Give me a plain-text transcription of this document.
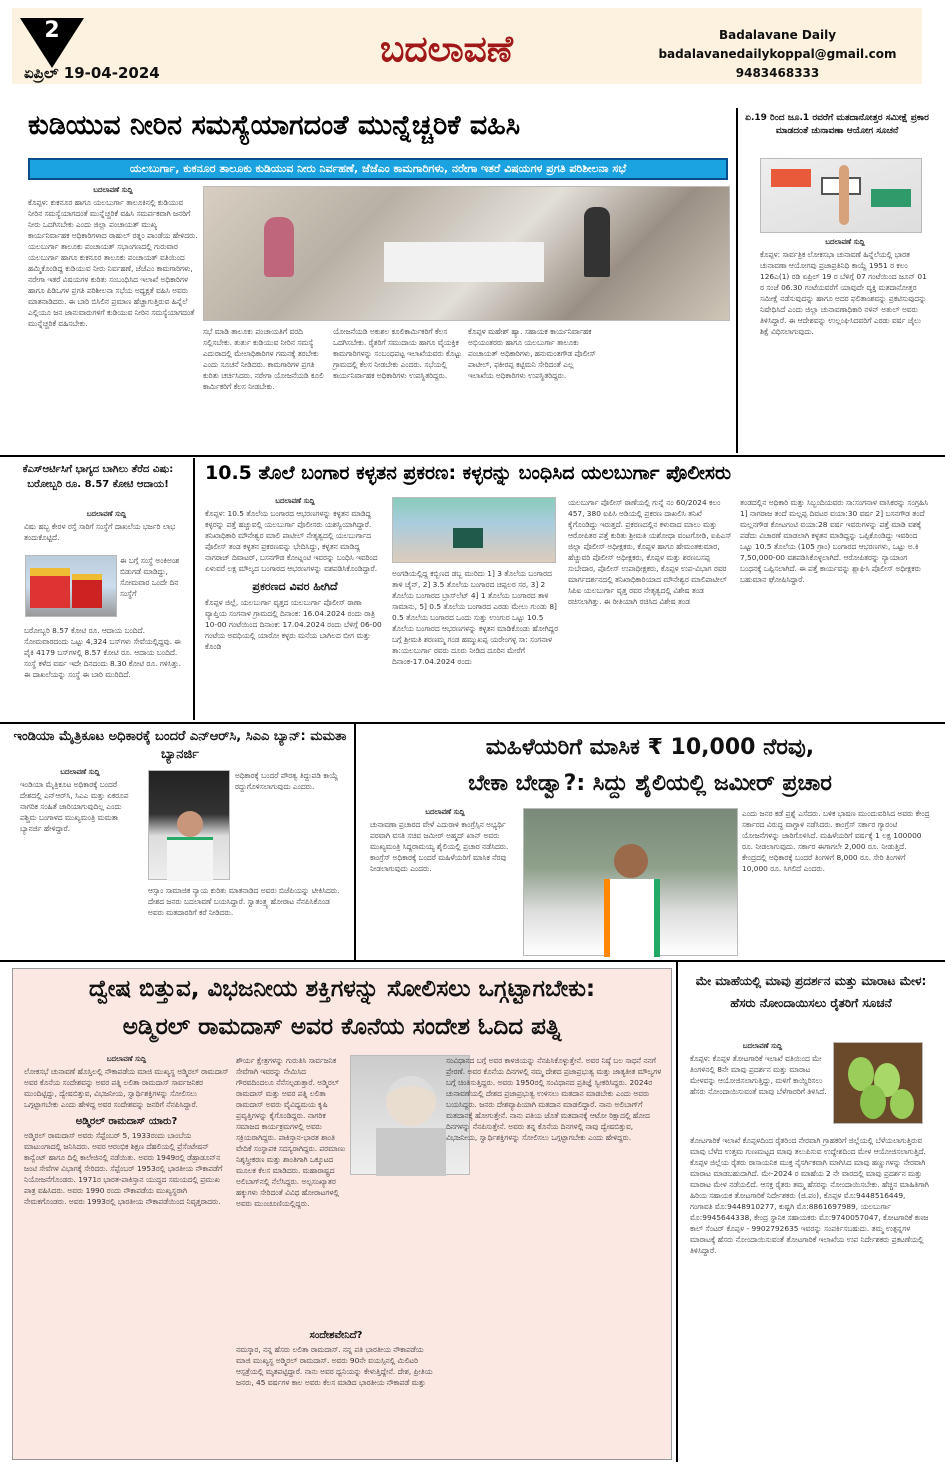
2
ಏಪ್ರಿಲ್ 19-04-2024
ಬದಲಾವಣೆ	Badalavane Daily
badalavanedailykoppal@gmail.com
9483468333
ಕುಡಿಯುವ ನೀರಿನ ಸಮಸ್ಯೆಯಾಗದಂತೆ ಮುನ್ನೆಚ್ಚರಿಕೆ ವಹಿಸಿ
ಯಲಬುರ್ಗಾ, ಕುಕನೂರ ತಾಲೂಕು ಕುಡಿಯುವ ನೀರು ನಿರ್ವಹಣೆ, ಜೆಜೆಎಂ ಕಾಮಗಾರಿಗಳು, ನರೇಗಾ ಇತರೆ ವಿಷಯಗಳ ಪ್ರಗತಿ ಪರಿಶೀಲನಾ ಸಭೆ
ಬದಲಾವಣೆ ಸುದ್ದಿ
ಕೊಪ್ಪಳ: ಕುಕನೂರ ಹಾಗೂ ಯಲಬುರ್ಗಾ ತಾಲೂಕಿನಲ್ಲಿ ಕುಡಿಯುವ ನೀರಿನ ಸಮಸ್ಯೆಯಾಗದಂತೆ ಮುನ್ನೆಚ್ಚರಿಕೆ ವಹಿಸಿ ಸಮರ್ಪಕವಾಗಿ ಜನರಿಗೆ ನೀರು ಒದಗಿಸಬೇಕು ಎಂದು ಜಿಲ್ಲಾ ಪಂಚಾಯತ್ ಮುಖ್ಯ ಕಾರ್ಯನಿರ್ವಾಹಕ ಅಧಿಕಾರಿಗಳಾದ ರಾಹುಲ್ ರತ್ನಂ ಪಾಂಡೆಯ ಹೇಳಿದರು. ಯಲಬುರ್ಗಾ ತಾಲೂಕು ಪಂಚಾಯತ್ ಸಭಾಂಗಣದಲ್ಲಿ ಗುರುವಾರ ಯಲಬುರ್ಗಾ ಹಾಗೂ ಕುಕನೂರ ತಾಲೂಕು ಪಂಚಾಯತ್ ವತಿಯಿಂದ ಹಮ್ಮಿಕೊಂಡಿದ್ದ ಕುಡಿಯುವ ನೀರು ನಿರ್ವಹಣೆ, ಜೆಜೆಎಂ ಕಾಮಗಾರಿಗಳು, ನರೇಗಾ ಇತರೆ ವಿಷಯಗಳ ಕುರಿತು ಸಂಬಂಧಿಸಿದ ಇಲಾಖೆ ಅಧಿಕಾರಿಗಳ ಹಾಗೂ ಪಿಡಿಒಗಳ ಪ್ರಗತಿ ಪರಿಶೀಲನಾ ಸಭೆಯ ಅಧ್ಯಕ್ಷತೆ ವಹಿಸಿ ಅವರು ಮಾತನಾಡಿದರು. ಈ ಬಾರಿ ಬಿಸಿಲಿನ ಪ್ರಮಾಣ ಹೆಚ್ಚಾಗುತ್ತಿರುವ ಹಿನ್ನೆಲೆ ಎಲ್ಲಿಯೂ ಜನ ಜಾನುವಾರುಗಳಿಗೆ ಕುಡಿಯುವ ನೀರಿನ ಸಮಸ್ಯೆಯಾಗದಂತೆ ಮುನ್ನೆಚ್ಚರಿಕೆ ವಹಿಸಬೇಕು.
ಸಭೆ ಮಾಡಿ ತಾಲೂಕು ಪಂಚಾಯತಿಗೆ ವರದಿ ಸಲ್ಲಿಸಬೇಕು. ತುರ್ತು ಕುಡಿಯುವ ನೀರಿನ ಸಮಸ್ಯೆ ಎದುರಾದಲ್ಲಿ ಮೇಲಾಧಿಕಾರಿಗಳ ಗಮನಕ್ಕೆ ತರಬೇಕು ಎಂದು ಸೂಚನೆ ನೀಡಿದರು. ಕಾಮಗಾರಿಗಳ ಪ್ರಗತಿ ಕುರಿತು ಚರ್ಚಿಸಿದರು. ನರೇಗಾ ಯೋಜನೆಯಡಿ ಕೂಲಿ ಕಾರ್ಮಿಕರಿಗೆ ಕೆಲಸ ನೀಡಬೇಕು.
ಯೋಜನೆಯಡಿ ಅಕುಶಲ ಕೂಲಿಕಾರ್ಮಿಕರಿಗೆ ಕೆಲಸ ಒದಗಿಸಬೇಕು. ರೈತರಿಗೆ ಸಮುದಾಯ ಹಾಗೂ ವೈಯಕ್ತಿಕ ಕಾಮಗಾರಿಗಳನ್ನು ಸಂಬಂಧಪಟ್ಟ ಇಲಾಖೆಯವರು ಕೊಟ್ಟು ಗ್ರಾಮದಲ್ಲಿ ಕೆಲಸ ನೀಡಬೇಕು ಎಂದರು. ಸಭೆಯಲ್ಲಿ ಕಾರ್ಯನಿರ್ವಾಹಕ ಅಧಿಕಾರಿಗಳು ಉಪಸ್ಥಿತರಿದ್ದರು.
ಕೊಪ್ಪಳ ಮಹೇಶ್ ಹ್ಯಾ. ಸಹಾಯಕ ಕಾರ್ಯನಿರ್ವಾಹಕ ಅಭಿಯಂತರರು ಹಾಗೂ ಯಲಬುರ್ಗಾ ತಾಲೂಕು ಪಂಚಾಯತ್ ಅಧಿಕಾರಿಗಳು, ಹನುಮಂತಗೌಡ ಪೊಲೀಸ್ ಪಾಟೀಲ್, ಫಕೀರಪ್ಪ ಕಟ್ಟಿಮನಿ ಸೇರಿದಂತೆ ಎಲ್ಲ ಇಲಾಖೆಯ ಅಧಿಕಾರಿಗಳು ಉಪಸ್ಥಿತರಿದ್ದರು.
ಏ.19 ರಿಂದ ಜೂ.1 ರವರೆಗೆ ಮತದಾನೋತ್ತರ ಸಮೀಕ್ಷೆ ಪ್ರಕಾರ ಮಾಡದಂತೆ ಚುನಾವಣಾ ಆಯೋಗ ಸೂಚನೆ
ಬದಲಾವಣೆ ಸುದ್ದಿ
ಕೊಪ್ಪಳ: ಸಾರ್ವತ್ರಿಕ ಲೋಕಸಭಾ ಚುನಾವಣೆ ಹಿನ್ನೆಲೆಯಲ್ಲಿ ಭಾರತ ಚುನಾವಣಾ ಆಯೋಗವು ಪ್ರಜಾಪ್ರತಿನಿಧಿ ಕಾಯ್ದೆ 1951 ರ ಕಲಂ 126ಎ(1) ರಡಿ ಏಪ್ರಿಲ್ 19 ರ ಬೆಳಿಗ್ಗೆ 07 ಗಂಟೆಯಿಂದ ಜೂನ್ 01 ರ ಸಂಜೆ 06.30 ಗಂಟೆಯವರೆಗೆ ಯಾವುದೇ ವ್ಯಕ್ತಿ ಮತದಾನೋತ್ತರ ಸಮೀಕ್ಷೆ ನಡೆಸುವುದನ್ನು ಹಾಗೂ ಅದರ ಫಲಿತಾಂಶವನ್ನು ಪ್ರಕಟಿಸುವುದನ್ನು ನಿಷೇಧಿಸಿದೆ ಎಂದು ಜಿಲ್ಲಾ ಚುನಾವಣಾಧಿಕಾರಿ ನಳಿನ್ ಅತುಲ್ ಅವರು ತಿಳಿಸಿದ್ದಾರೆ. ಈ ಆದೇಶವನ್ನು ಉಲ್ಲಂಘಿಸಿದವರಿಗೆ ಎರಡು ವರ್ಷ ಜೈಲು ಶಿಕ್ಷೆ ವಿಧಿಸಲಾಗುವುದು.
ಕೆಎಸ್ಆರ್ಟಿಸಿಗೆ ಭಾಗ್ಯದ ಬಾಗಿಲು ತೆರೆದ ವಿಷು: ಬರೋಬ್ಬರಿ ರೂ. 8.57 ಕೋಟಿ ಆದಾಯ!
ಬದಲಾವಣೆ ಸುದ್ದಿ
ವಿಷು ಹಬ್ಬ ಕೇರಳ ರಸ್ತೆ ಸಾರಿಗೆ ಸಂಸ್ಥೆಗೆ ದಾಖಲೆಯ ಭರ್ಜರಿ ಲಾಭ ತಂದುಕೊಟ್ಟಿದೆ.
ಈ ಬಗ್ಗೆ ಸಂಸ್ಥೆ ಅಂಕಿಅಂಶ ಬಿಡುಗಡೆ ಮಾಡಿದ್ದು, ಸೋಮವಾರ ಒಂದೇ ದಿನ ಸಂಸ್ಥೆಗೆ
ಬರೋಬ್ಬರಿ 8.57 ಕೋಟಿ ರೂ. ಆದಾಯ ಬಂದಿದೆ. ಸೋಮವಾರದಂದು ಒಟ್ಟು 4,324 ಬಸ್‌ಗಳು ಸೇವೆಯಲ್ಲಿದ್ದವು. ಈ ಪೈಕಿ 4179 ಬಸ್‌ಗಳಲ್ಲಿ 8.57 ಕೋಟಿ ರೂ. ಆದಾಯ ಬಂದಿದೆ. ಸಂಸ್ಥೆ ಕಳೆದ ವರ್ಷ ಇದೇ ದಿನದಂದು 8.30 ಕೋಟಿ ರೂ. ಗಳಿಸಿತ್ತು. ಈ ದಾಖಲೆಯನ್ನು ಸಂಸ್ಥೆ ಈ ಬಾರಿ ಮುರಿದಿದೆ.
10.5 ತೊಲೆ ಬಂಗಾರ ಕಳ್ಳತನ ಪ್ರಕರಣ: ಕಳ್ಳರನ್ನು ಬಂಧಿಸಿದ ಯಲಬುರ್ಗಾ ಪೊಲೀಸರು
ಬದಲಾವಣೆ ಸುದ್ದಿ
ಕೊಪ್ಪಳ: 10.5 ತೊಲೆಯ ಬಂಗಾರದ ಆಭರಣಗಳನ್ನು ಕಳ್ಳತನ ಮಾಡಿದ್ದ ಕಳ್ಳರನ್ನು ಪತ್ತೆ ಹಚ್ಚುವಲ್ಲಿ ಯಲಬುರ್ಗಾ ಪೊಲೀಸರು ಯಶಸ್ವಿಯಾಗಿದ್ದಾರೆ. ತನಿಖಾಧಿಕಾರಿ ಮೌನೇಶ್ವರ ಮಾಲಿ ಪಾಟೀಲ್ ನೇತೃತ್ವದಲ್ಲಿ ಯಲಬುರ್ಗಾದ ಪೊಲೀಸ್ ತಂಡ ಕಳ್ಳತನ ಪ್ರಕರಣವನ್ನು ಭೇದಿಸಿದ್ದು, ಕಳ್ಳತನ ಮಾಡಿದ್ದ ನಾಗರಾಜ್ ದಿವಾಟರ್, ಬಸನಗೌಡ ಕೋಟ್ನಂಟಿ ಇವರನ್ನು ಬಂಧಿಸಿ ಇವರಿಂದ ಏಳುವರೆ ಲಕ್ಷ ಮೌಲ್ಯದ ಬಂಗಾರದ ಆಭರಣಗಳನ್ನು ವಶಪಡಿಸಿಕೊಂಡಿದ್ದಾರೆ.
ಪ್ರಕರಣದ ವಿವರ ಹೀಗಿದೆ
ಕೊಪ್ಪಳ ಜಿಲ್ಲೆ, ಯಲಬುರ್ಗಾ ವೃತ್ತದ ಯಲಬುರ್ಗಾ ಪೊಲೀಸ್ ಠಾಣಾ ವ್ಯಾಪ್ತಿಯ ಸಂಗನಾಳ ಗ್ರಾಮದಲ್ಲಿ ದಿನಾಂಕ: 16.04.2024 ರಂದು ರಾತ್ರಿ 10-00 ಗಂಟೆಯಿಂದ ದಿನಾಂಕ: 17.04.2024 ರಂದು ಬೆಳಿಗ್ಗೆ 06-00 ಗಂಟೆಯ ಅವಧಿಯಲ್ಲಿ ಯಾರೋ ಕಳ್ಳರು ಮನೆಯ ಬಾಗಿಲದ ಬೀಗ ಮತ್ತು ಕೊಂಡಿ
ಅಂಗಡಿಯಲ್ಲಿದ್ದ ಕಬ್ಬಿಣದ ಡಬ್ಬ ಮುರಿದು 1] 3 ತೊಲೆಯ ಬಂಗಾರದ ತಾಳಿ ಚೈನ್, 2] 3.5 ತೊಲೆಯ ಬಂಗಾರದ ಚಪ್ಪಲರ ಸರ, 3] 2 ತೊಲೆಯ ಬಂಗಾರದ ಬ್ರಾಸ್‌ಲೆಟ್ 4] 1 ತೊಲೆಯ ಬಂಗಾರದ ತಾಳಿ ಸಾಮಾನು, 5] 0.5 ತೊಲೆಯ ಬಂಗಾರದ ಎರಡು ಮೇಲು ಗುಂಡು 8] 0.5 ತೊಲೆಯ ಬಂಗಾರದ ಒಂದು ಸುತ್ತು ಉಂಗುರ ಒಟ್ಟು 10.5 ತೊಲೆಯ ಬಂಗಾರದ ಆಭರಣಗಳನ್ನು ಕಳ್ಳತನ ಮಾಡಿಕೊಂಡು ಹೋಗಿದ್ದರ ಬಗ್ಗೆ ಶ್ರೀಮತಿ ಶರಣಮ್ಮ ಗಂಡ ಹಮ್ಮುಖಪ್ಪ ಯರೇಂಗಳ್ಳ ಸಾ: ಸಂಗನಾಳ ತಾ:ಯಲಬುರ್ಗಾ ರವರು ದೂರು ನೀಡಿದ ದೂರಿನ ಮೇರೆಗೆ ದಿನಾಂಕ-17.04.2024 ರಂದು
ಯಲಬುರ್ಗಾ ಪೊಲೀಸ್ ಠಾಣೆಯಲ್ಲಿ ಗುನ್ನೆ ನಂ 60/2024 ಕಲಂ 457, 380 ಐಪಿಸಿ ಅಡಿಯಲ್ಲಿ ಪ್ರಕರಣ ದಾಖಲಿಸಿ ತನಿಖೆ ಕೈಗೊಂಡಿದ್ದು ಇರುತ್ತದೆ. ಪ್ರಕರಣದಲ್ಲಿನ ಕಳುವಾದ ಮಾಲು ಮತ್ತು ಆರೋಪಿತರ ಪತ್ತೆ ಕುರಿತು ಶ್ರೀಮತಿ ಯಶೋಧಾ ವಂಟಗೋಡಿ, ಐಪಿಎಸ್ ಜಿಲ್ಲಾ ಪೊಲೀಸ್ ಅಧೀಕ್ಷಕರು, ಕೊಪ್ಪಳ ಹಾಗೂ ಹೇಮಂತಕುಮಾರ, ಹೆಚ್ಚುವರಿ ಪೊಲೀಸ್ ಅಧೀಕ್ಷಕರು, ಕೊಪ್ಪಳ ಮತ್ತು ಶರಣಬಸಪ್ಪ ಸುಬೇದಾರ, ಪೊಲೀಸ್ ಉಪಾಧೀಕ್ಷಕರು, ಕೊಪ್ಪಳ ಉಪ-ವಿಭಾಗ ರವರ ಮಾರ್ಗದರ್ಶನದಲ್ಲಿ ತನಿಖಾಧಿಕಾರಿಯಾದ ಮೌನೇಶ್ವರ ಮಾಲಿಪಾಟೀಲ್ ಸಿಪಿಐ ಯಲಬುರ್ಗಾ ವೃತ್ತ ರವರ ನೇತೃತ್ವದಲ್ಲಿ ವಿಶೇಷ ತಂಡ ರಚಿಸಲಾಗಿತ್ತು. ಈ ರೀತಿಯಾಗಿ ರಚಿಸಿದ ವಿಶೇಷ ತಂಡ
ತಂಡದಲ್ಲಿನ ಅಧಿಕಾರಿ ಮತ್ತು ಸಿಬ್ಬಂದಿಯವರು ಸಾ:ಸಂಗನಾಳ ವಾಸಿಕರನ್ನು ಸಂಗ್ರಹಿಸಿ 1] ನಾಗರಾಜ ತಂದೆ ಮಲ್ಲಪ್ಪ ದಿವಟರ ವಯಾ:30 ವರ್ಷ 2] ಬಸನಗೌಡ ತಂದೆ ಮಲ್ಲನಗೌಡ ಕೋಟಗಂಟಿ ವಯಾ:28 ವರ್ಷ ಇವರುಗಳನ್ನು ಪತ್ತೆ ಮಾಡಿ ವಶಕ್ಕೆ ಪಡೆದು ವಿಚಾರಣೆ ಮಾಡಲಾಗಿ ಕಳ್ಳತನ ಮಾಡಿದ್ದನ್ನು ಒಪ್ಪಿಕೊಂಡಿದ್ದು ಇವರಿಂದ ಒಟ್ಟು 10.5 ತೊಲೆಯ (105 ಗ್ರಾಂ) ಬಂಗಾರದ ಆಭರಣಗಳು, ಒಟ್ಟು ಅ.ಕಿ 7,50,000-00 ವಶಪಡಿಸಿಕೊಳ್ಳಲಾಗಿದೆ. ಆರೋಪಿತರನ್ನು ನ್ಯಾಯಾಂಗ ಬಂಧನಕ್ಕೆ ಒಪ್ಪಿಸಲಾಗಿದೆ. ಈ ಪತ್ತೆ ಕಾರ್ಯವನ್ನು ಶ್ಲಾಘಿಸಿ ಪೊಲೀಸ್ ಅಧೀಕ್ಷಕರು ಬಹುಮಾನ ಘೋಷಿಸಿದ್ದಾರೆ.
ಇಂಡಿಯಾ ಮೈತ್ರಿಕೂಟ ಅಧಿಕಾರಕ್ಕೆ ಬಂದರೆ ಎನ್‌ಆರ್‌ಸಿ, ಸಿಎಎ ಬ್ಯಾನ್: ಮಮತಾ ಬ್ಯಾನರ್ಜಿ
ಬದಲಾವಣೆ ಸುದ್ದಿ
ಇಂಡಿಯಾ ಮೈತ್ರಿಕೂಟ ಅಧಿಕಾರಕ್ಕೆ ಬಂದರೆ ದೇಶದಲ್ಲಿ ಎನ್‌ಆರ್‌ಸಿ, ಸಿಎಎ ಮತ್ತು ಏಕರೂಪ ನಾಗರಿಕ ಸಂಹಿತೆ ಜಾರಿಯಾಗುವುದಿಲ್ಲ ಎಂದು ಪಶ್ಚಿಮ ಬಂಗಾಳದ ಮುಖ್ಯಮಂತ್ರಿ ಮಮತಾ ಬ್ಯಾನರ್ಜಿ ಹೇಳಿದ್ದಾರೆ.
ಅಧಿಕಾರಕ್ಕೆ ಬಂದರೆ ಪೌರತ್ವ ತಿದ್ದುಪಡಿ ಕಾಯ್ದೆ ರದ್ದುಗೊಳಿಸಲಾಗುವುದು ಎಂದರು.
ಆಸ್ಸಾಂ ಸಾಮಾಜಿಕ ನ್ಯಾಯ ಕುರಿತು ಮಾತನಾಡಿದ ಅವರು ಬಿಜೆಪಿಯನ್ನು ಟೀಕಿಸಿದರು. ದೇಶದ ಜನರು ಬದಲಾವಣೆ ಬಯಸಿದ್ದಾರೆ. ಸ್ವಾತಂತ್ರ್ಯ ಹೋರಾಟ ನೆನಪಿಸಿಕೊಂಡ ಅವರು ಮತದಾರರಿಗೆ ಕರೆ ನೀಡಿದರು.
ಮಹಿಳೆಯರಿಗೆ ಮಾಸಿಕ ₹ 10,000 ನೆರವು,
ಬೇಕಾ ಬೇಡ್ವಾ?: ಸಿದ್ದು ಶೈಲಿಯಲ್ಲಿ ಜಮೀರ್ ಪ್ರಚಾರ
ಬದಲಾವಣೆ ಸುದ್ದಿ
ಚುನಾವಣಾ ಪ್ರಚಾರದ ವೇಳೆ ಎದುರಾಳಿ ಕಾಂಗ್ರೆಸ್ಸಿನ ಅಭ್ಯರ್ಥಿ ಪರವಾಗಿ ವಸತಿ ಸಚಿವ ಜಮೀರ್ ಅಹ್ಮದ್ ಖಾನ್ ಅವರು ಮುಖ್ಯಮಂತ್ರಿ ಸಿದ್ದರಾಮಯ್ಯ ಶೈಲಿಯಲ್ಲಿ ಪ್ರಚಾರ ನಡೆಸಿದರು. ಕಾಂಗ್ರೆಸ್ ಅಧಿಕಾರಕ್ಕೆ ಬಂದರೆ ಮಹಿಳೆಯರಿಗೆ ಮಾಸಿಕ ನೆರವು ನೀಡಲಾಗುವುದು ಎಂದರು.
ಎಂದು ಜನರ ಕಡೆ ಪ್ರಶ್ನೆ ಎಸೆದರು. ಬಳಿಕ ಭಾಷಣ ಮುಂದುವರಿಸಿದ ಅವರು ಕೇಂದ್ರ ಸರ್ಕಾರದ ವಿರುದ್ಧ ವಾಗ್ದಾಳಿ ನಡೆಸಿದರು. ಕಾಂಗ್ರೆಸ್ ಸರ್ಕಾರ ಗ್ಯಾರಂಟಿ ಯೋಜನೆಗಳನ್ನು ಜಾರಿಗೊಳಿಸಿದೆ. ಮಹಿಳೆಯರಿಗೆ ವರ್ಷಕ್ಕೆ 1 ಲಕ್ಷ 100000 ರೂ. ನೀಡಲಾಗುವುದು. ಸರ್ಕಾರ ಈಗಾಗಲೇ 2,000 ರೂ. ನೀಡುತ್ತಿದೆ. ಕೇಂದ್ರದಲ್ಲಿ ಅಧಿಕಾರಕ್ಕೆ ಬಂದರೆ ತಿಂಗಳಿಗೆ 8,000 ರೂ. ಸೇರಿ ತಿಂಗಳಿಗೆ 10,000 ರೂ. ಸಿಗಲಿದೆ ಎಂದರು.
ದ್ವೇಷ ಬಿತ್ತುವ, ವಿಭಜನೀಯ ಶಕ್ತಿಗಳನ್ನು ಸೋಲಿಸಲು ಒಗ್ಗಟ್ಟಾಗಬೇಕು:
ಅಡ್ಮಿರಲ್ ರಾಮದಾಸ್ ಅವರ ಕೊನೆಯ ಸಂದೇಶ ಓದಿದ ಪತ್ನಿ
ಬದಲಾವಣೆ ಸುದ್ದಿ
ಲೋಕಸಭೆ ಚುನಾವಣೆ ಹೊಸ್ತಿಲಲ್ಲಿ ನೌಕಾಪಡೆಯ ಮಾಜಿ ಮುಖ್ಯಸ್ಥ ಅಡ್ಮಿರಲ್ ರಾಮದಾಸ್ ಅವರ ಕೊನೆಯ ಸಂದೇಶವನ್ನು ಅವರ ಪತ್ನಿ ಲಲಿತಾ ರಾಮದಾಸ್ ಸಾರ್ವಜನಿಕರ ಮುಂದಿಟ್ಟಿದ್ದು, ದ್ವೇಷಬಿತ್ತುವ, ವಿಭಜನೀಯ, ಸ್ವಾರ್ಥಿಶಕ್ತಿಗಳನ್ನು ಸೋಲಿಸಲು ಒಗ್ಗಟ್ಟಾಗಬೇಕು ಎಂದು ಹೇಳಿದ್ದ ಅವರ ಸಂದೇಶವನ್ನು ಜನರಿಗೆ ನೆನಪಿಸಿದ್ದಾರೆ.
ಅಡ್ಮಿರಲ್ ರಾಮದಾಸ್ ಯಾರು?
ಅಡ್ಮಿರಲ್ ರಾಮದಾಸ್ ಅವರು ಸೆಪ್ಟೆಂಬರ್ 5, 1933ರಂದು ಬಾಂಬೆಯ ಮಾಟುಂಗಾದಲ್ಲಿ ಜನಿಸಿದರು. ಅವರ ಆರಂಭಿಕ ಶಿಕ್ಷಣ ದೆಹಲಿಯಲ್ಲಿ ಪ್ರೆಸೆಂಟೇಷನ್ ಕಾನ್ವೆಂಟ್ ಹಾಗೂ ದಿಲ್ಲಿ ಕಾಲೇಜಿನಲ್ಲಿ ನಡೆಯಿತು. ಅವರು 1949ರಲ್ಲಿ ಡೆಹ್ರಾಡೂನ್‌ನ ಜಂಟಿ ಸೇವೆಗಳ ವಿಭಾಗಕ್ಕೆ ಸೇರಿದರು. ಸೆಪ್ಟೆಂಬರ್ 1953ರಲ್ಲಿ ಭಾರತೀಯ ನೌಕಾಪಡೆಗೆ ನಿಯೋಜನೆಗೊಂಡರು. 1971ರ ಭಾರತ-ಪಾಕಿಸ್ತಾನ ಯುದ್ಧದ ಸಮಯದಲ್ಲಿ ಪ್ರಮುಖ ಪಾತ್ರ ವಹಿಸಿದರು. ಅವರು 1990 ರಂದು ನೌಕಾಪಡೆಯ ಮುಖ್ಯಸ್ಥರಾಗಿ ನೇಮಕಗೊಂಡರು. ಅವರು 1993ರಲ್ಲಿ ಭಾರತೀಯ ನೌಕಾಪಡೆಯಿಂದ ನಿವೃತ್ತರಾದರು.
ಶೌರ್ಯ ಕ್ಷೇತ್ರಗಳನ್ನು ಗುರುತಿಸಿ ಸಾರ್ವಜನಿಕ ಸೇವೆಗಾಗಿ ಇವರನ್ನು ನೇಮಿಸಿದ ಗೌರವದಿಂದಲೂ ನೆನೆಸಲ್ಪಡುತ್ತಾರೆ. ಅಡ್ಮಿರಲ್ ರಾಮದಾಸ್ ಮತ್ತು ಅವರ ಪತ್ನಿ ಲಲಿತಾ ರಾಮದಾಸ್ ಅವರು ವೈವಿಧ್ಯಮಯ ಕೃಷಿ ಪ್ರವೃತ್ತಿಗಳನ್ನು ಕೈಗೊಂಡಿದ್ದರು. ನಾಗರಿಕ ಸಮಾಜದ ಕಾರ್ಯಕ್ರಮಗಳಲ್ಲಿ ಅವರು ಸಕ್ರಿಯರಾಗಿದ್ದರು. ಪಾಕಿಸ್ತಾನ-ಭಾರತ ಶಾಂತಿ ವೇದಿಕೆ ಸಂಸ್ಥಾಪಕ ಸದಸ್ಯರಾಗಿದ್ದರು. ಪರಮಾಣು ನಿಶ್ಶಸ್ತ್ರೀಕರಣ ಮತ್ತು ಶಾಂತಿಗಾಗಿ ಒಕ್ಕೂಟದ ಮೂಲಕ ಕೆಲಸ ಮಾಡಿದರು. ಮಹಾರಾಷ್ಟ್ರದ ಅಲಿಬಾಗ್‌ನಲ್ಲಿ ನೆಲೆಸಿದ್ದರು. ಅಲ್ಪಸಂಖ್ಯಾತರ ಹಕ್ಕುಗಳು ಸೇರಿದಂತೆ ವಿವಿಧ ಹೋರಾಟಗಳಲ್ಲಿ ಅವರು ಮುಂಚೂಣಿಯಲ್ಲಿದ್ದರು.
ಸಂದೇಶವೇನಿದೆ?
ನಮಸ್ಕಾರ, ನನ್ನ ಹೆಸರು ಲಲಿತಾ ರಾಮದಾಸ್. ನನ್ನ ಪತಿ ಭಾರತೀಯ ನೌಕಾಪಡೆಯ ಮಾಜಿ ಮುಖ್ಯಸ್ಥ ಅಡ್ಮಿರಲ್ ರಾಮದಾಸ್. ಅವರು 90ನೇ ವಯಸ್ಸಿನಲ್ಲಿ ಮಿಲಿಟರಿ ಆಸ್ಪತ್ರೆಯಲ್ಲಿ ಮೃತಪಟ್ಟಿದ್ದಾರೆ. ನಾನು ಅವರ ಧ್ವನಿಯನ್ನು ಕೇಳುತ್ತಿದ್ದೇನೆ. ದೇಶ, ಪ್ರೀತಿಯ ಜನರು, 45 ವರ್ಷಗಳ ಕಾಲ ಅವರು ಕೆಲಸ ಮಾಡಿದ ಭಾರತೀಯ ನೌಕಾಪಡೆ ಮತ್ತು
ಸಂವಿಧಾನದ ಬಗ್ಗೆ ಅವರ ಕಾಳಜಿಯನ್ನು ನೆನಪಿಸಿಕೊಳ್ಳುತ್ತೇನೆ. ಅವರ ನಿಷ್ಠೆ ಬಲ ಸಾಧನೆ ನನಗೆ ಪ್ರೇರಣೆ. ಅವರ ಕೊನೆಯ ದಿನಗಳಲ್ಲಿ ನಮ್ಮ ದೇಶದ ಪ್ರಜಾಪ್ರಭುತ್ವ ಮತ್ತು ಜಾತ್ಯತೀತ ಮೌಲ್ಯಗಳ ಬಗ್ಗೆ ಚಿಂತಿಸುತ್ತಿದ್ದರು. ಅವರು 1950ರಲ್ಲಿ ಸಂವಿಧಾನದ ಪ್ರತಿಜ್ಞೆ ಸ್ವೀಕರಿಸಿದ್ದರು. 2024ರ ಚುನಾವಣೆಯಲ್ಲಿ ದೇಶದ ಪ್ರಜಾಪ್ರಭುತ್ವ ಉಳಿಸಲು ಮತದಾನ ಮಾಡಬೇಕು ಎಂದು ಅವರು ಬಯಸಿದ್ದರು. ಜನರು ದೇಶವ್ಯಾಪಿಯಾಗಿ ಮತದಾನ ಮಾಡಲಿದ್ದಾರೆ. ನಾನು ಅಲಿಬಾಗ್‌ಗೆ ಮತದಾನಕ್ಕೆ ಹೋಗುತ್ತೇನೆ. ನಾನು ಪತಿಯ ಜೊತೆ ಮತದಾನಕ್ಕೆ ಆಟೋ ರಿಕ್ಷಾದಲ್ಲಿ ಹೋದ ದಿನಗಳನ್ನು ನೆನಪಿಸುತ್ತೇನೆ. ಅವರು ತನ್ನ ಕೊನೆಯ ದಿನಗಳಲ್ಲಿ ನಾವು ದ್ವೇಷಬಿತ್ತುವ, ವಿಭಜನೀಯ, ಸ್ವಾರ್ಥಿಶಕ್ತಿಗಳನ್ನು ಸೋಲಿಸಲು ಒಗ್ಗಟ್ಟಾಗಬೇಕು ಎಂದು ಹೇಳಿದ್ದರು.
ಮೇ ಮಾಹೆಯಲ್ಲಿ ಮಾವು ಪ್ರದರ್ಶನ ಮತ್ತು ಮಾರಾಟ ಮೇಳ: ಹೆಸರು ನೋಂದಾಯಿಸಲು ರೈತರಿಗೆ ಸೂಚನೆ
ಬದಲಾವಣೆ ಸುದ್ದಿ
ಕೊಪ್ಪಳ: ಕೊಪ್ಪಳ ತೋಟಗಾರಿಕೆ ಇಲಾಖೆ ವತಿಯಿಂದ ಮೇ ತಿಂಗಳಿನಲ್ಲಿ 8ನೇ ಮಾವು ಪ್ರದರ್ಶನ ಮತ್ತು ಮಾರಾಟ ಮೇಳವನ್ನು ಆಯೋಜಿಸಲಾಗುತ್ತಿದ್ದು, ಮಳಿಗೆ ಕಾಯ್ದಿರಿಸಲು ಹೆಸರು ನೋಂದಾಯಿಸುವಂತೆ ಮಾವು ಬೆಳೆಗಾರರಿಗೆ ತಿಳಿಸಿದೆ.
ತೋಟಗಾರಿಕೆ ಇಲಾಖೆ ಕೊಪ್ಪಳದಿಂದ ರೈತರಿಂದ ನೇರವಾಗಿ ಗ್ರಾಹಕರಿಗೆ ಜಿಲ್ಲೆಯಲ್ಲಿ ಬೆಳೆಯಲಾಗುತ್ತಿರುವ ಮಾವು ಬೆಳೆದ ಉತ್ತಮ ಗುಣಮಟ್ಟದ ಮಾವು ತಲುಪಿಸುವ ಉದ್ದೇಶದಿಂದ ಮೇಳ ಆಯೋಜಿಸಲಾಗುತ್ತಿದೆ. ಕೊಪ್ಪಳ ಜಿಲ್ಲೆಯ ರೈತರು ರಾಸಾಯನಿಕ ಮುಕ್ತ ನೈಸರ್ಗಿಕವಾಗಿ ಮಾಗಿಸಿದ ಮಾವು ಹಣ್ಣುಗಳನ್ನು ನೇರವಾಗಿ ಮಾರಾಟ ಮಾಡಬಹುದಾಗಿದೆ. ಮೇ-2024 ರ ಮಾಹೆಯ 2 ನೇ ವಾರದಲ್ಲಿ ಮಾವು ಪ್ರದರ್ಶನ ಮತ್ತು ಮಾರಾಟ ಮೇಳ ನಡೆಯಲಿದೆ. ಆಸಕ್ತ ರೈತರು ತಮ್ಮ ಹೆಸರನ್ನು ನೋಂದಾಯಿಸಬೇಕು. ಹೆಚ್ಚಿನ ಮಾಹಿತಿಗಾಗಿ ಹಿರಿಯ ಸಹಾಯಕ ತೋಟಗಾರಿಕೆ ನಿರ್ದೇಶಕರು (ಜಿ.ಪಂ), ಕೊಪ್ಪಳ ಮೊ:9448516449, ಗಂಗಾವತಿ ಮೊ:9448910277, ಕುಷ್ಟಗಿ ಮೊ:8861697989, ಯಲಬುರ್ಗಾ ಮೊ:9945644338, ಕೇಂದ್ರ ಸ್ಥಾನಿಕ ಸಹಾಯಕರು ಮೊ:9740057047, ಕೋಟಗಾರಿಕೆ ಕಣಜ ಕಾಲ್ ಸೆಂಟರ್ ಕೊಪ್ಪಳ - 9902792635 ಇವರನ್ನು ಸಂಪರ್ಕಿಸಬಹುದು. ತಮ್ಮ ಉತ್ಪನ್ನಗಳ ಮಾರಾಟಕ್ಕೆ ಹೆಸರು ನೋಂದಾಯಿಸುವಂತೆ ತೋಟಗಾರಿಕೆ ಇಲಾಖೆಯ ಉಪ ನಿರ್ದೇಶಕರು ಪ್ರಕಟಣೆಯಲ್ಲಿ ತಿಳಿಸಿದ್ದಾರೆ.
